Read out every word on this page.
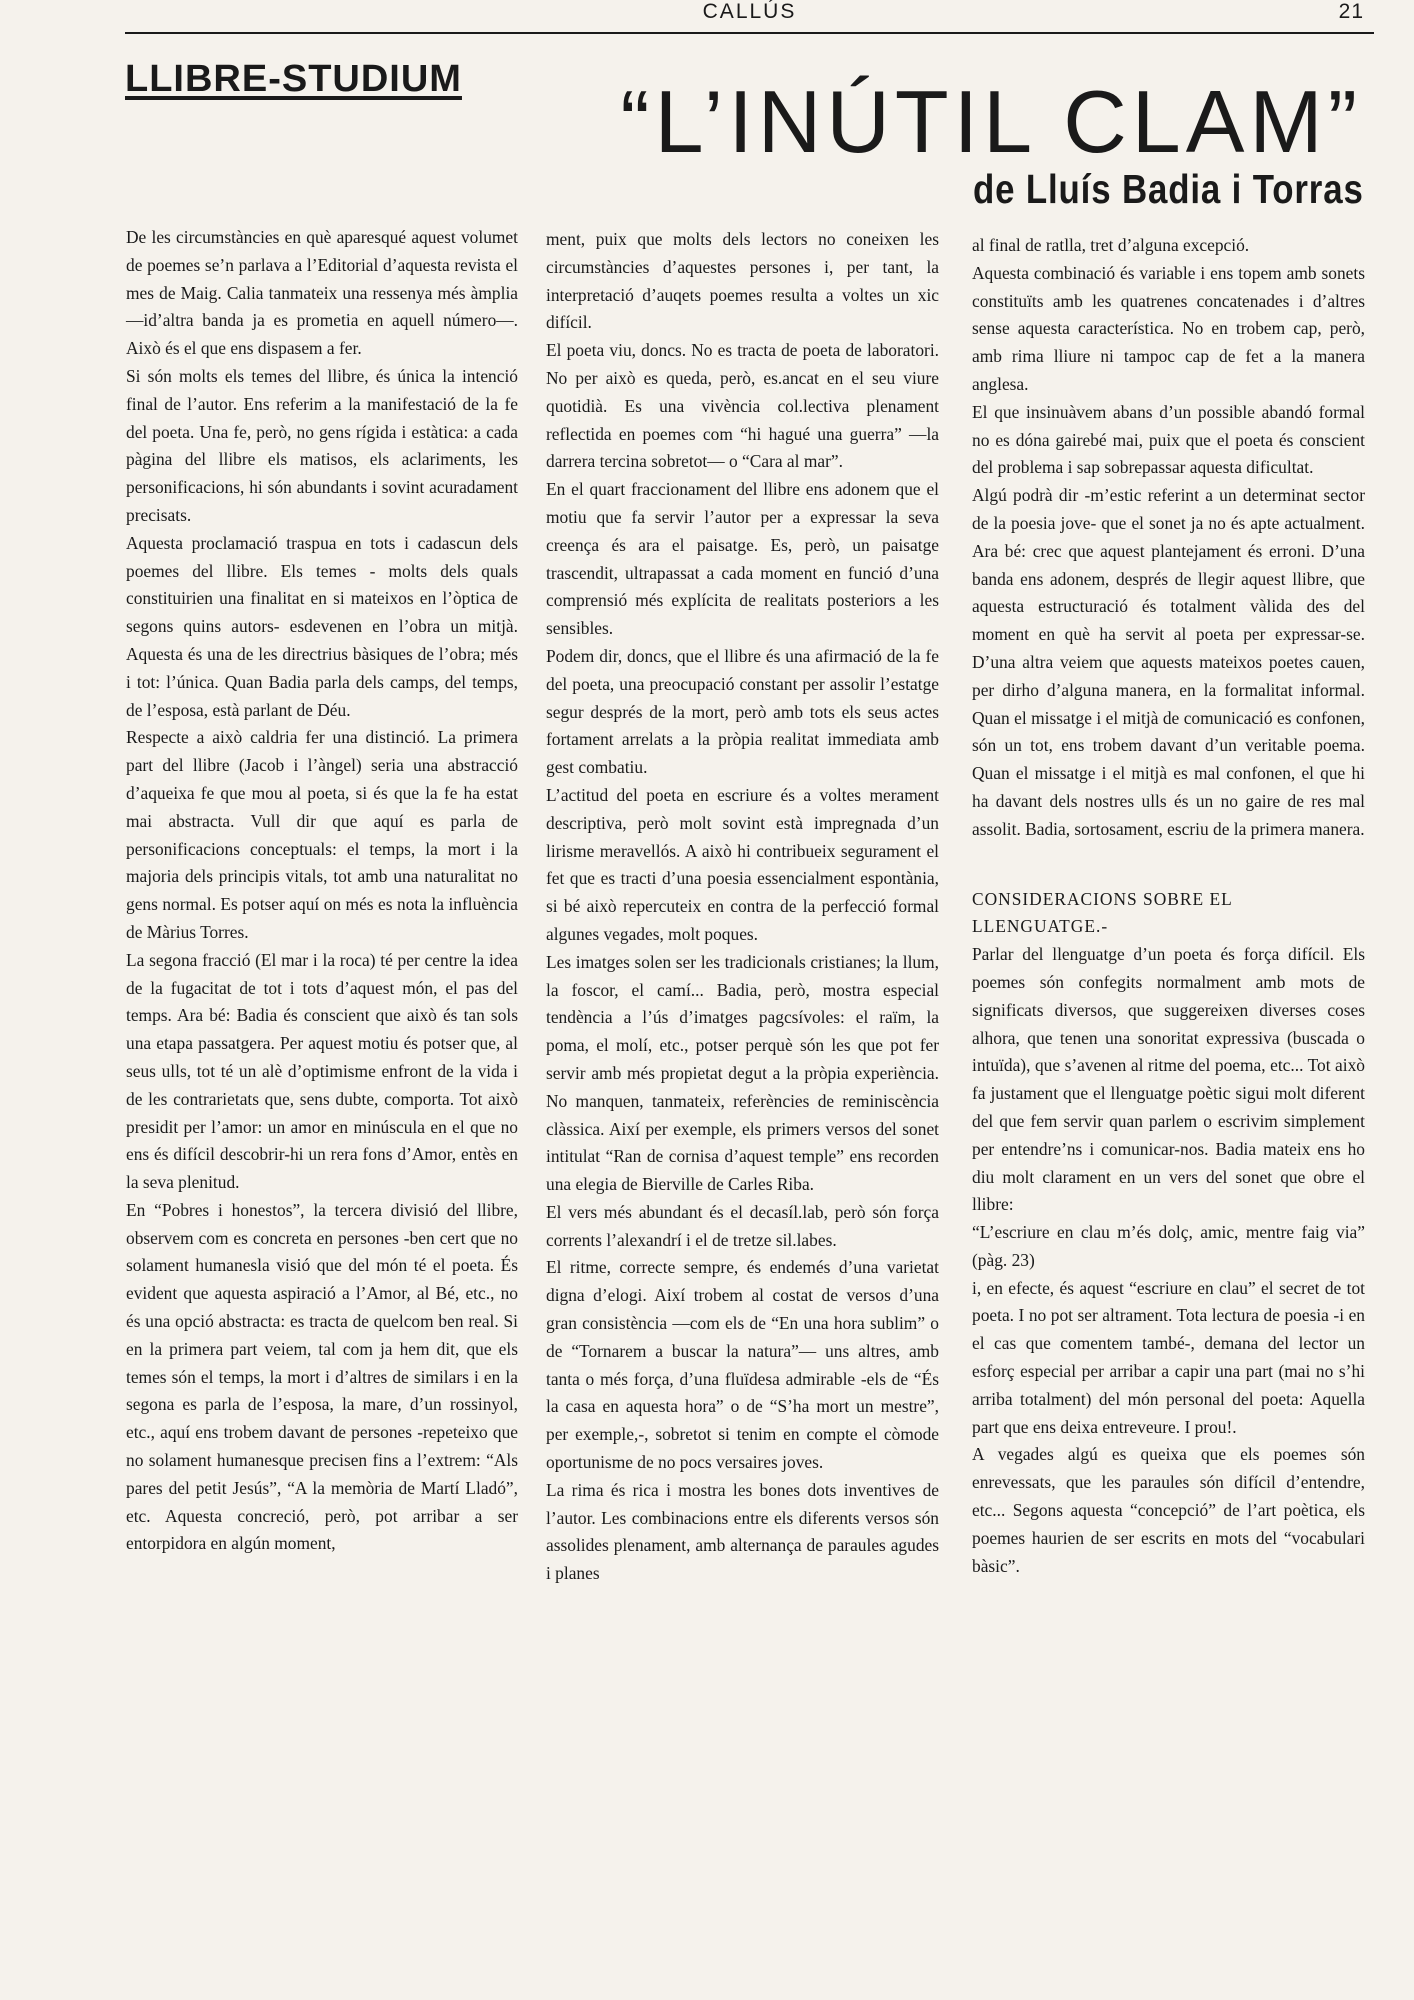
CALLÚS	21
LLIBRE-STUDIUM “L’INÚTIL CLAM”
de Lluís Badia i Torras

De les circumstàncies en què aparesqué aquest volumet de poemes se’n parlava a l’Editorial d’aquesta revista el mes de Maig. Calia tanmateix una ressenya més àmplia —id’altra banda ja es prometia en aquell número—. Això és el que ens dispasem a fer.

Si són molts els temes del llibre, és única la intenció final de l’autor. Ens referim a la manifestació de la fe del poeta. Una fe, però, no gens rígida i estàtica: a cada pàgina del llibre els matisos, els aclariments, les personificacions, hi són abundants i sovint acuradament precisats.

Aquesta proclamació traspua en tots i cadascun dels poemes del llibre. Els temes - molts dels quals constituirien una finalitat en si mateixos en l’òptica de segons quins autors- esdevenen en l’obra un mitjà. Aquesta és una de les directrius bàsiques de l’obra; més i tot: l’única. Quan Badia parla dels camps, del temps, de l’esposa, està parlant de Déu.

Respecte a això caldria fer una distinció. La primera part del llibre (Jacob i l’àngel) seria una abstracció d’aqueixa fe que mou al poeta, si és que la fe ha estat mai abstracta. Vull dir que aquí es parla de personificacions conceptuals: el temps, la mort i la majoria dels principis vitals, tot amb una naturalitat no gens normal. Es potser aquí on més es nota la influència de Màrius Torres.

La segona fracció (El mar i la roca) té per centre la idea de la fugacitat de tot i tots d’aquest món, el pas del temps. Ara bé: Badia és conscient que això és tan sols una etapa passatgera. Per aquest motiu és potser que, al seus ulls, tot té un alè d’optimisme enfront de la vida i de les contrarietats que, sens dubte, comporta. Tot això presidit per l’amor: un amor en minúscula en el que no ens és difícil descobrir-hi un rera fons d’Amor, entès en la seva plenitud.

En “Pobres i honestos”, la tercera divisió del llibre, observem com es concreta en persones -ben cert que no solament humanesla visió que del món té el poeta. És evident que aquesta aspiració a l’Amor, al Bé, etc., no és una opció abstracta: es tracta de quelcom ben real. Si en la primera part veiem, tal com ja hem dit, que els temes són el temps, la mort i d’altres de similars i en la segona es parla de l’esposa, la mare, d’un rossinyol, etc., aquí ens trobem davant de persones -repeteixo que no solament humanesque precisen fins a l’extrem: “Als pares del petit Jesús”, “A la memòria de Martí Lladó”, etc. Aquesta concreció, però, pot arribar a ser entorpidora en algún moment,

ment, puix que molts dels lectors no coneixen les circumstàncies d’aquestes persones i, per tant, la interpretació d’auqets poemes resulta a voltes un xic difícil.

El poeta viu, doncs. No es tracta de poeta de laboratori. No per això es queda, però, es.ancat en el seu viure quotidià. Es una vivència col.lectiva plenament reflectida en poemes com “hi hagué una guerra” —la darrera tercina sobretot— o “Cara al mar”.

En el quart fraccionament del llibre ens adonem que el motiu que fa servir l’autor per a expressar la seva creença és ara el paisatge. Es, però, un paisatge trascendit, ultrapassat a cada moment en funció d’una comprensió més explícita de realitats posteriors a les sensibles.

Podem dir, doncs, que el llibre és una afirmació de la fe del poeta, una preocupació constant per assolir l’estatge segur després de la mort, però amb tots els seus actes fortament arrelats a la pròpia realitat immediata amb gest combatiu.

L’actitud del poeta en escriure és a voltes merament descriptiva, però molt sovint està impregnada d’un lirisme meravellós. A això hi contribueix segurament el fet que es tracti d’una poesia essencialment espontània, si bé això repercuteix en contra de la perfecció formal algunes vegades, molt poques.

Les imatges solen ser les tradicionals cristianes; la llum, la foscor, el camí... Badia, però, mostra especial tendència a l’ús d’imatges pagcsívoles: el raïm, la poma, el molí, etc., potser perquè són les que pot fer servir amb més propietat degut a la pròpia experiència. No manquen, tanmateix, referències de reminiscència clàssica. Així per exemple, els primers versos del sonet intitulat “Ran de cornisa d’aquest temple” ens recorden una elegia de Bierville de Carles Riba.

El vers més abundant és el decasíl.lab, però són força corrents l’alexandrí i el de tretze sil.labes.

El ritme, correcte sempre, és endemés d’una varietat digna d’elogi. Així trobem al costat de versos d’una gran consistència —com els de “En una hora sublim” o de “Tornarem a buscar la natura”— uns altres, amb tanta o més força, d’una fluïdesa admirable -els de “És la casa en aquesta hora” o de “S’ha mort un mestre”, per exemple,-, sobretot si tenim en compte el còmode oportunisme de no pocs versaires joves.

La rima és rica i mostra les bones dots inventives de l’autor. Les combinacions entre els diferents versos són assolides plenament, amb alternança de paraules agudes i planes

al final de ratlla, tret d’alguna excepció.

Aquesta combinació és variable i ens topem amb sonets constituïts amb les quatrenes concatenades i d’altres sense aquesta característica. No en trobem cap, però, amb rima lliure ni tampoc cap de fet a la manera anglesa.

El que insinuàvem abans d’un possible abandó formal no es dóna gairebé mai, puix que el poeta és conscient del problema i sap sobrepassar aquesta dificultat.

Algú podrà dir -m’estic referint a un determinat sector de la poesia jove- que el sonet ja no és apte actualment. Ara bé: crec que aquest plantejament és erroni. D’una banda ens adonem, després de llegir aquest llibre, que aquesta estructuració és totalment vàlida des del moment en què ha servit al poeta per expressar-se. D’una altra veiem que aquests mateixos poetes cauen, per dirho d’alguna manera, en la formalitat informal. Quan el missatge i el mitjà de comunicació es confonen, són un tot, ens trobem davant d’un veritable poema. Quan el missatge i el mitjà es mal confonen, el que hi ha davant dels nostres ulls és un no gaire de res mal assolit. Badia, sortosament, escriu de la primera manera.

CONSIDERACIONS SOBRE EL LLENGUATGE.-

Parlar del llenguatge d’un poeta és força difícil. Els poemes són confegits normalment amb mots de significats diversos, que suggereixen diverses coses alhora, que tenen una sonoritat expressiva (buscada o intuïda), que s’avenen al ritme del poema, etc... Tot això fa justament que el llenguatge poètic sigui molt diferent del que fem servir quan parlem o escrivim simplement per entendre’ns i comunicar-nos. Badia mateix ens ho diu molt clarament en un vers del sonet que obre el llibre:

“L’escriure en clau m’és dolç, amic, mentre faig via” (pàg. 23)

i, en efecte, és aquest “escriure en clau” el secret de tot poeta. I no pot ser altrament. Tota lectura de poesia -i en el cas que comentem també-, demana del lector un esforç especial per arribar a capir una part (mai no s’hi arriba totalment) del món personal del poeta: Aquella part que ens deixa entreveure. I prou!.

A vegades algú es queixa que els poemes són enrevessats, que les paraules són difícil d’entendre, etc... Segons aquesta “concepció” de l’art poètica, els poemes haurien de ser escrits en mots del “vocabulari bàsic”.
